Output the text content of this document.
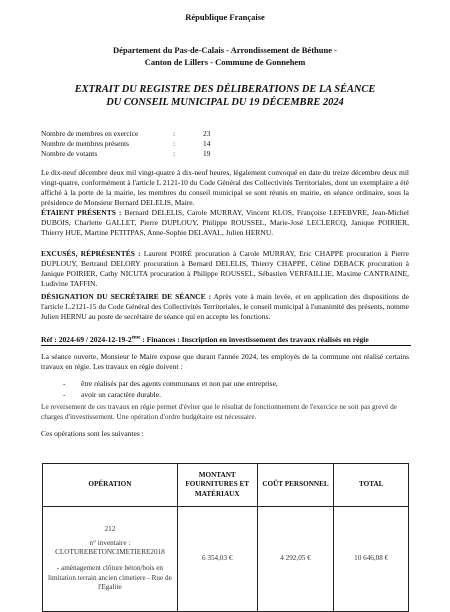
République Française
Département du Pas-de-Calais - Arrondissement de Béthune -
Canton de Lillers - Commune de Gonnehem
EXTRAIT DU REGISTRE DES DÉLIBERATIONS DE LA SÉANCE
DU CONSEIL MUNICIPAL DU 19 DÉCEMBRE 2024
Nombre de membres en exercice	:	23
Nombre de membres présents	:	14
Nombre de votants	:	19
Le dix-neuf décembre deux mil vingt-quatre à dix-neuf heures, légalement convoqué en date du treize décembre deux mil vingt-quatre, conformément à l'article L 2121-10 du Code Général des Collectivités Territoriales, dont un exemplaire a été affiché à la porte de la mairie, les membres du conseil municipal se sont réunis en mairie, en séance ordinaire, sous la présidence de Monsieur Bernard DELELIS, Maire.
ÉTAIENT PRÉSENTS : Bernard DELELIS, Carole MURRAY, Vincent KLOS, Françoise LEFEBVRE, Jean-Michel DUBOIS, Charlette GALLET, Pierre DUPLOUY, Philippe ROUSSEL, Marie-José LECLERCQ, Janique POIRIER, Thierry HUE, Martine PETITPAS, Anne-Sophie DELAVAL, Julien HERNU.
EXCUSÉS, RÉPRÉSENTÉS : Laurent POIRÉ procuration à Carole MURRAY, Eric CHAPPE procuration à Pierre DUPLOUY, Bertrand DELORY procuration à Bernard DELELIS, Thierry CHAPPE, Céline DEBACK procuration à Janique POIRIER, Cathy NICUTA procuration à Philippe ROUSSEL, Sébastien VERFAILLIE, Maxime CANTRAINE, Ludivine TAFFIN.
DÉSIGNATION DU SECRÉTAIRE DE SÉANCE : Après vote à main levée, et en application des dispositions de l'article L.2121-15 du Code Général des Collectivités Territoriales, le conseil municipal à l'unanimité des présents, nomme Julien HERNU au poste de secrétaire de séance qui en accepte les fonctions.
Réf : 2024-69 / 2024-12-19-2ème : Finances : Inscription en investissement des travaux réalisés en régie
La séance ouverte, Monsieur le Maire expose que durant l'année 2024, les employés de la commune ont réalisé certains travaux en régie. Les travaux en régie doivent :
-	être réalisés par des agents communaux et non par une entreprise,
-	avoir un caractère durable.
Le reversement de ces travaux en régie permet d'éviter que le résultat de fonctionnement de l'exercice ne soit pas grevé de charges d'investissement. Une opération d'ordre budgétaire est nécessaire.
Ces opérations sont les suivantes :
OPÉRATION	MONTANT FOURNITURES ET MATÉRIAUX	COÛT PERSONNEL	TOTAL

212
n° inventaire : CLOTUREBETONCIMETIERE2018
- aménagement clôture béton/bois en limitation terrain ancien cimetiere - Rue de l'Egalite	6 354,03 €	4 292,05 €	10 646,08 €
